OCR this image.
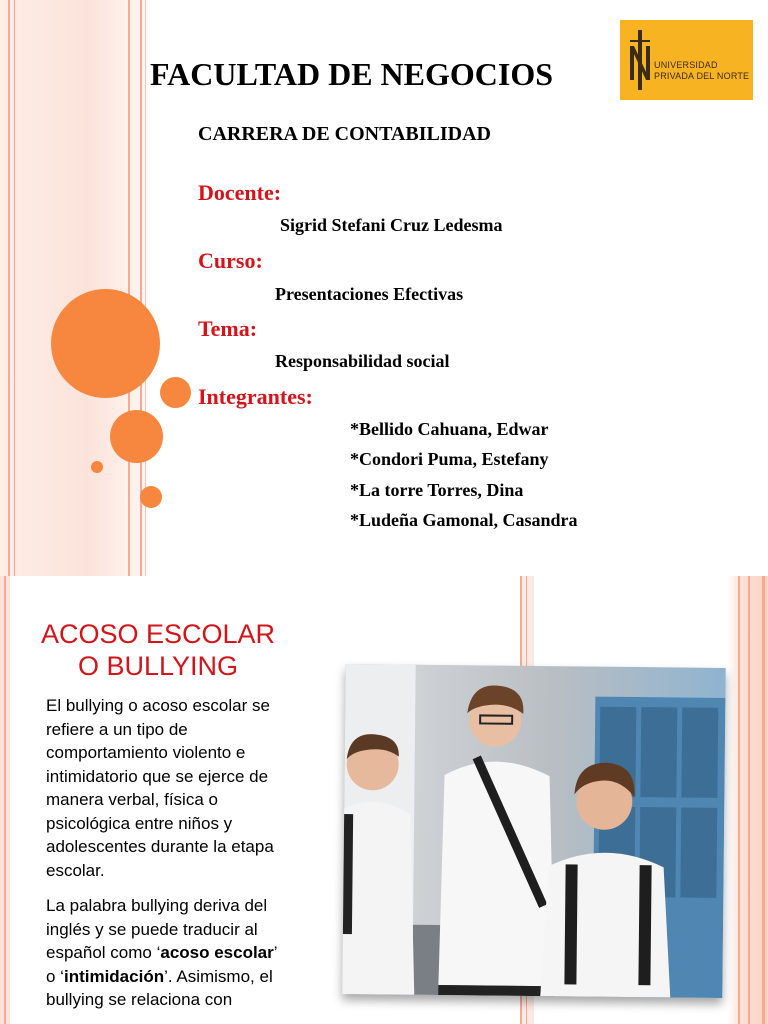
UNIVERSIDAD
PRIVADA DEL NORTE
FACULTAD DE NEGOCIOS
CARRERA DE CONTABILIDAD
Docente:
Sigrid Stefani Cruz Ledesma
Curso:
Presentaciones Efectivas
Tema:
Responsabilidad social
Integrantes:
*Bellido Cahuana, Edwar
*Condori Puma, Estefany
*La torre Torres, Dina
*Ludeña Gamonal, Casandra
ACOSO ESCOLAR
O BULLYING
El bullying o acoso escolar se refiere a un tipo de comportamiento violento e intimidatorio que se ejerce de manera verbal, física o psicológica entre niños y adolescentes durante la etapa escolar.
La palabra bullying deriva del inglés y se puede traducir al español como ‘acoso escolar’ o ‘intimidación’. Asimismo, el bullying se relaciona con
